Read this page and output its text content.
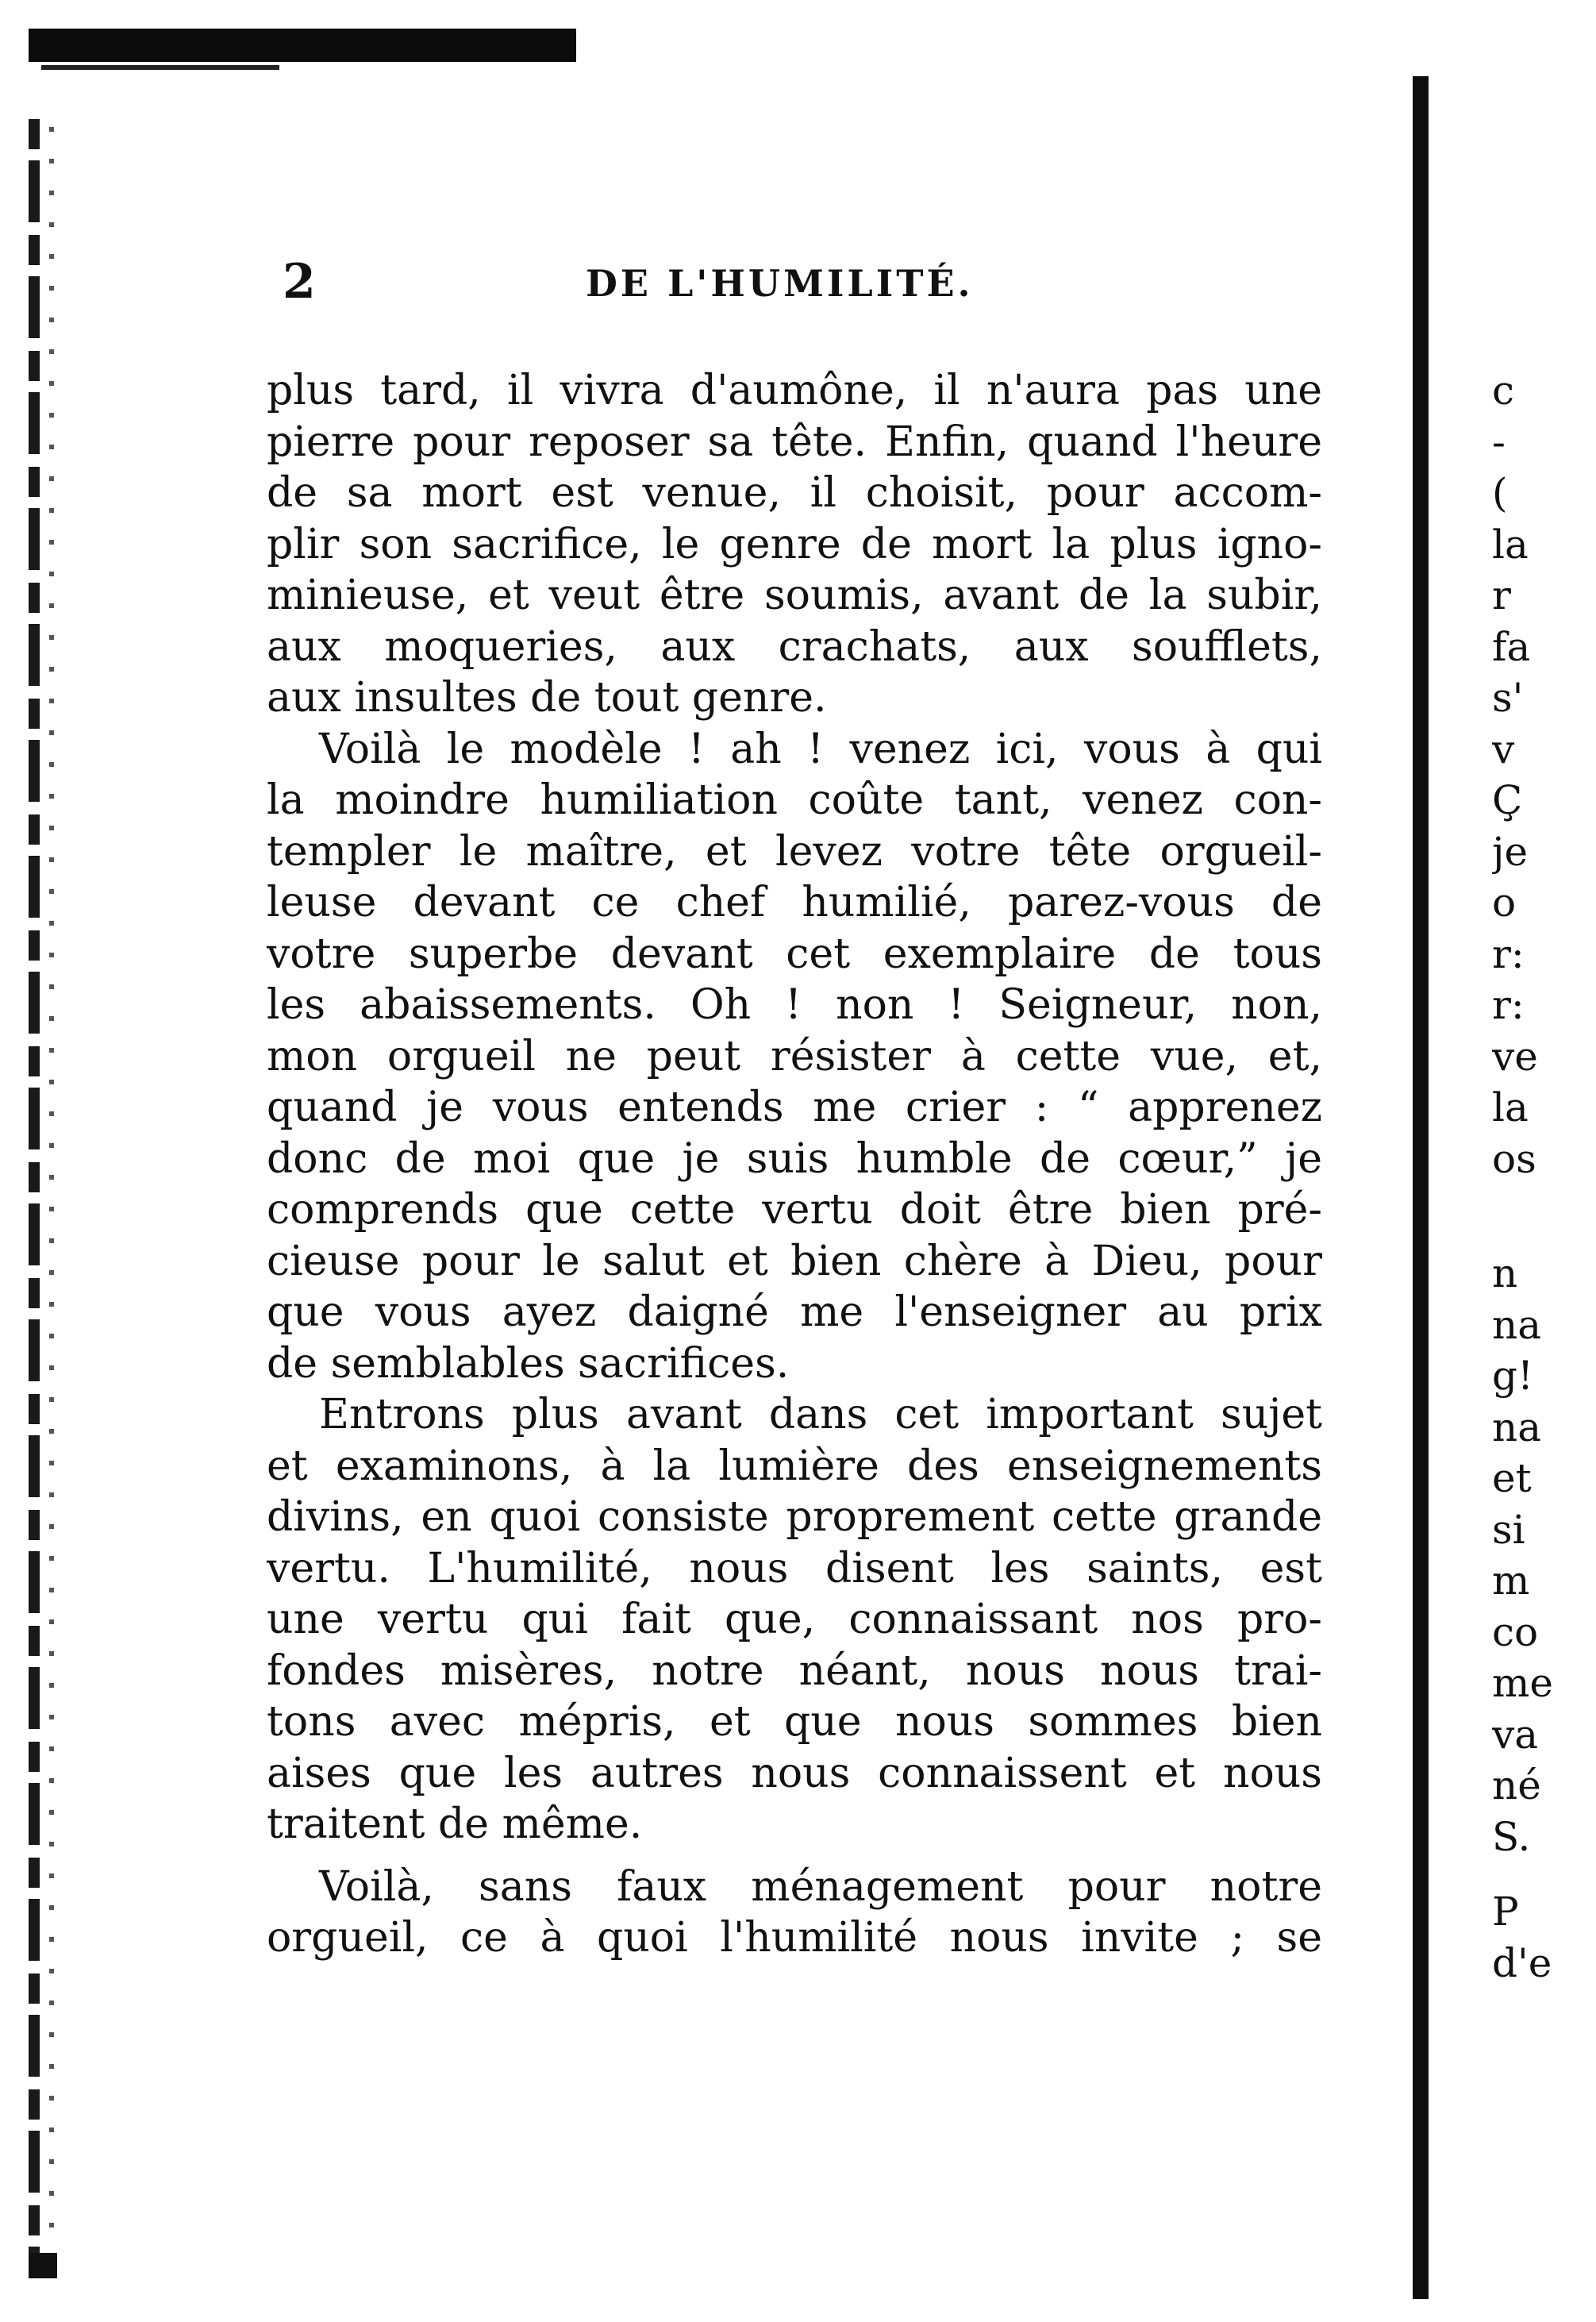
2	DE L'HUMILITÉ.
plus tard, il vivra d'aumône, il n'aura pas une
pierre pour reposer sa tête. Enfin, quand l'heure
de sa mort est venue, il choisit, pour accom-
plir son sacrifice, le genre de mort la plus igno-
minieuse, et veut être soumis, avant de la subir,
aux moqueries, aux crachats, aux soufflets,
aux insultes de tout genre.
Voilà le modèle ! ah ! venez ici, vous à qui
la moindre humiliation coûte tant, venez con-
templer le maître, et levez votre tête orgueil-
leuse devant ce chef humilié, parez-vous de
votre superbe devant cet exemplaire de tous
les abaissements. Oh ! non ! Seigneur, non,
mon orgueil ne peut résister à cette vue, et,
quand je vous entends me crier : “ apprenez
donc de moi que je suis humble de cœur,” je
comprends que cette vertu doit être bien pré-
cieuse pour le salut et bien chère à Dieu, pour
que vous ayez daigné me l'enseigner au prix
de semblables sacrifices.
Entrons plus avant dans cet important sujet
et examinons, à la lumière des enseignements
divins, en quoi consiste proprement cette grande
vertu. L'humilité, nous disent les saints, est
une vertu qui fait que, connaissant nos pro-
fondes misères, notre néant, nous nous trai-
tons avec mépris, et que nous sommes bien
aises que les autres nous connaissent et nous
traitent de même.
Voilà, sans faux ménagement pour notre
orgueil, ce à quoi l'humilité nous invite ; se
c
-
(
la
r
fa
s'
v
Ç
je
o
r:
r:
ve
la
os
n
na
g!
na
et
si
m
co
me
va
né
S.
P
d'e
